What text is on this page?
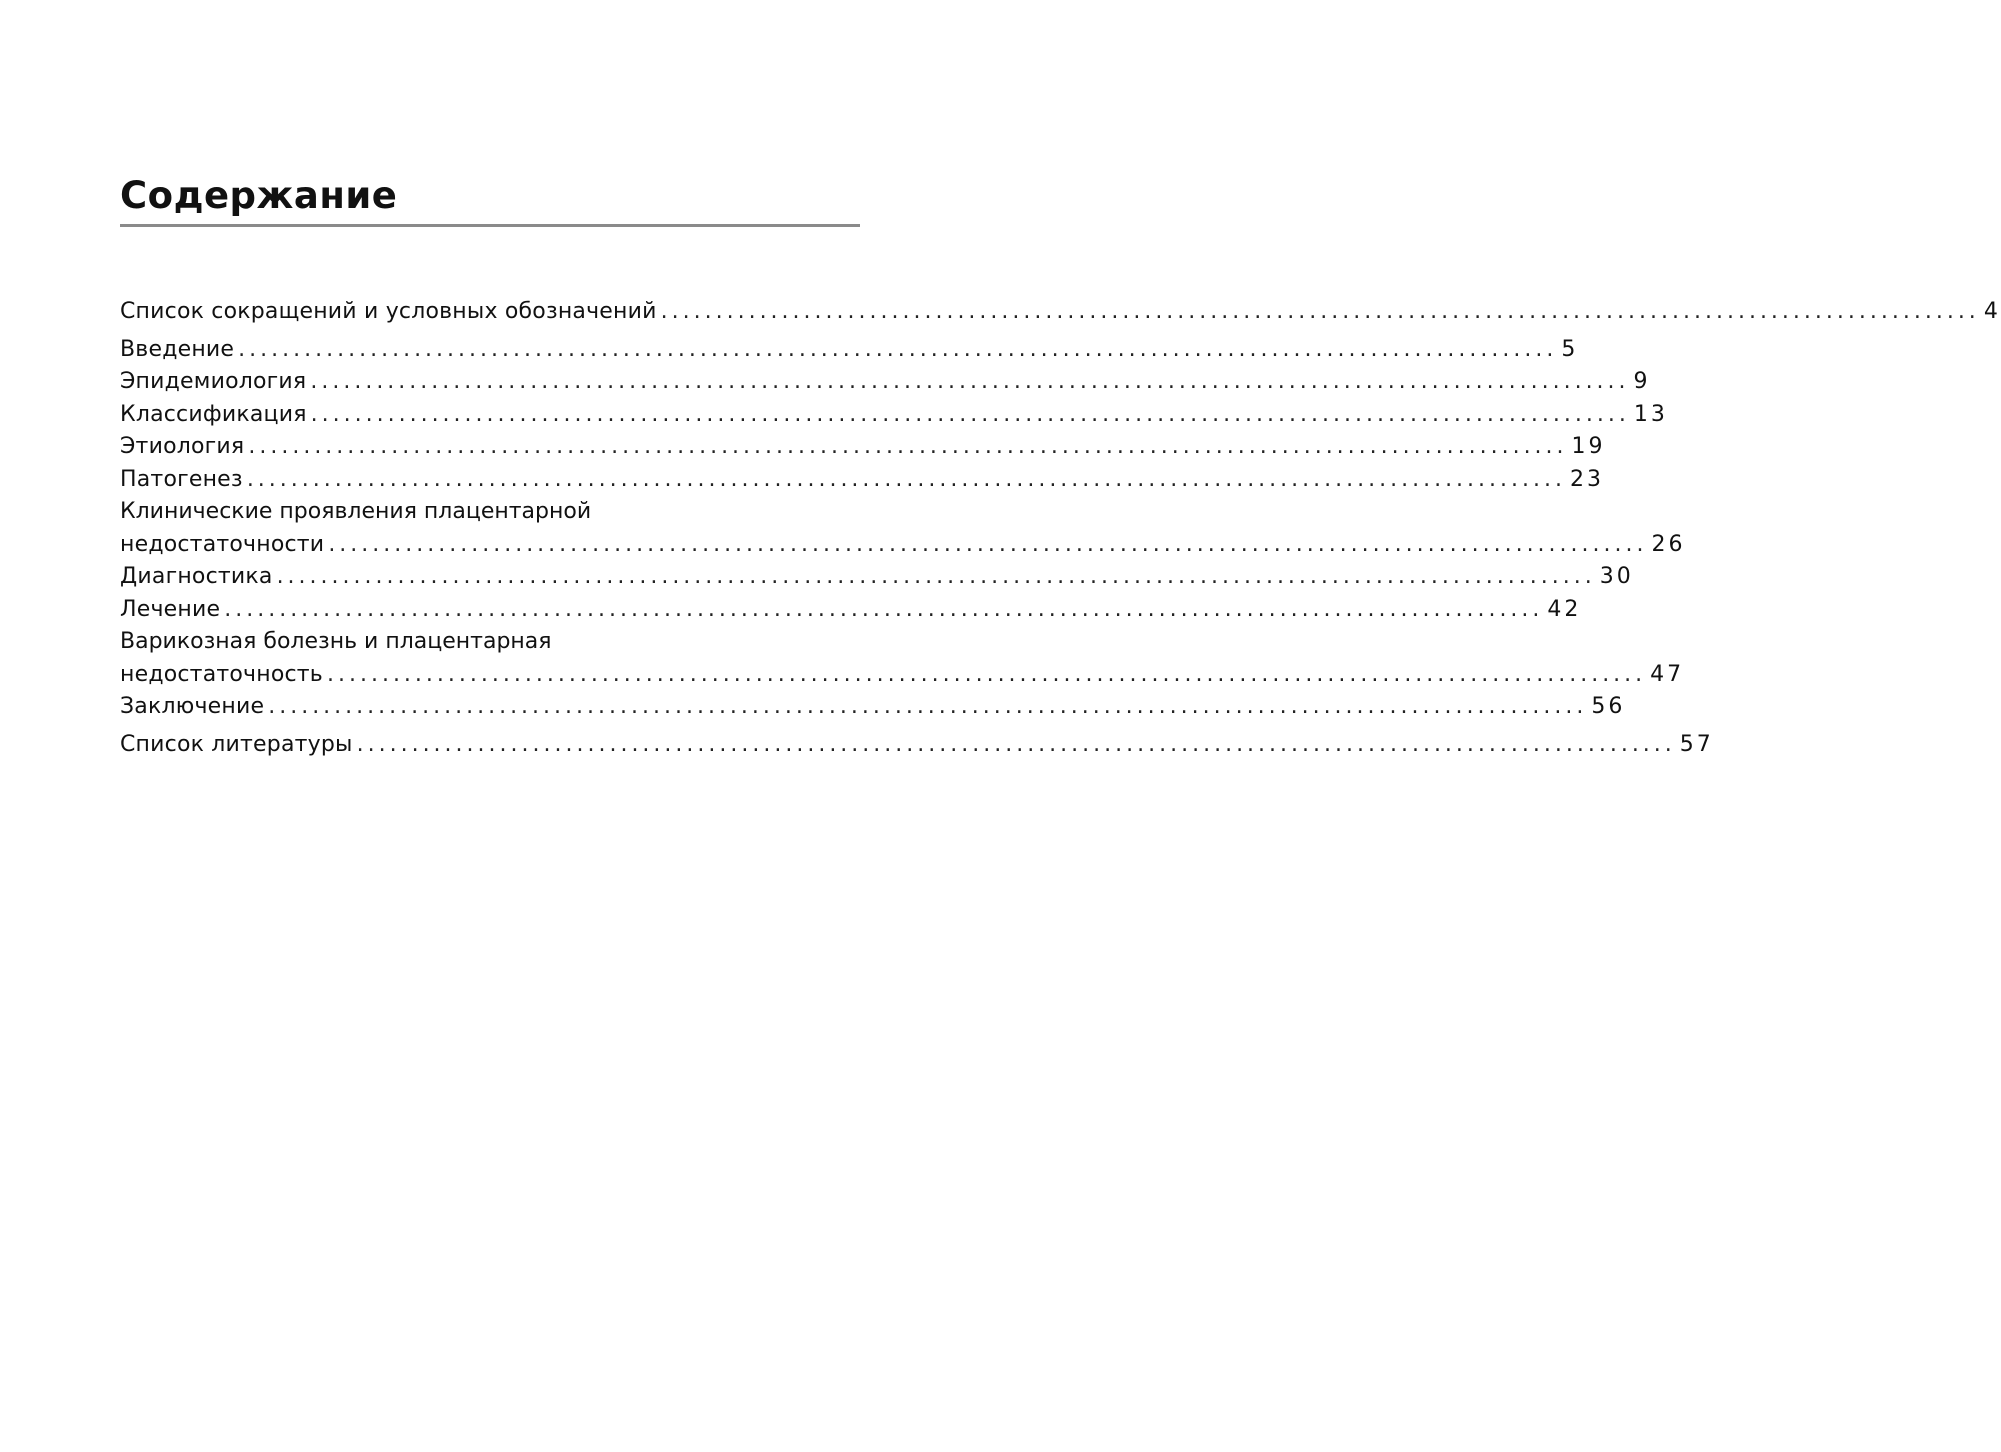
Содержание
Список сокращений и условных обозначений ........................................................................................................................ 4
Введение ........................................................................................................................ 5
Эпидемиология ........................................................................................................................ 9
Классификация ........................................................................................................................ 13
Этиология ........................................................................................................................ 19
Патогенез ........................................................................................................................ 23
Клинические проявления плацентарной
недостаточности ........................................................................................................................ 26
Диагностика ........................................................................................................................ 30
Лечение ........................................................................................................................ 42
Варикозная болезнь и плацентарная
недостаточность ........................................................................................................................ 47
Заключение ........................................................................................................................ 56
Список литературы ........................................................................................................................ 57
